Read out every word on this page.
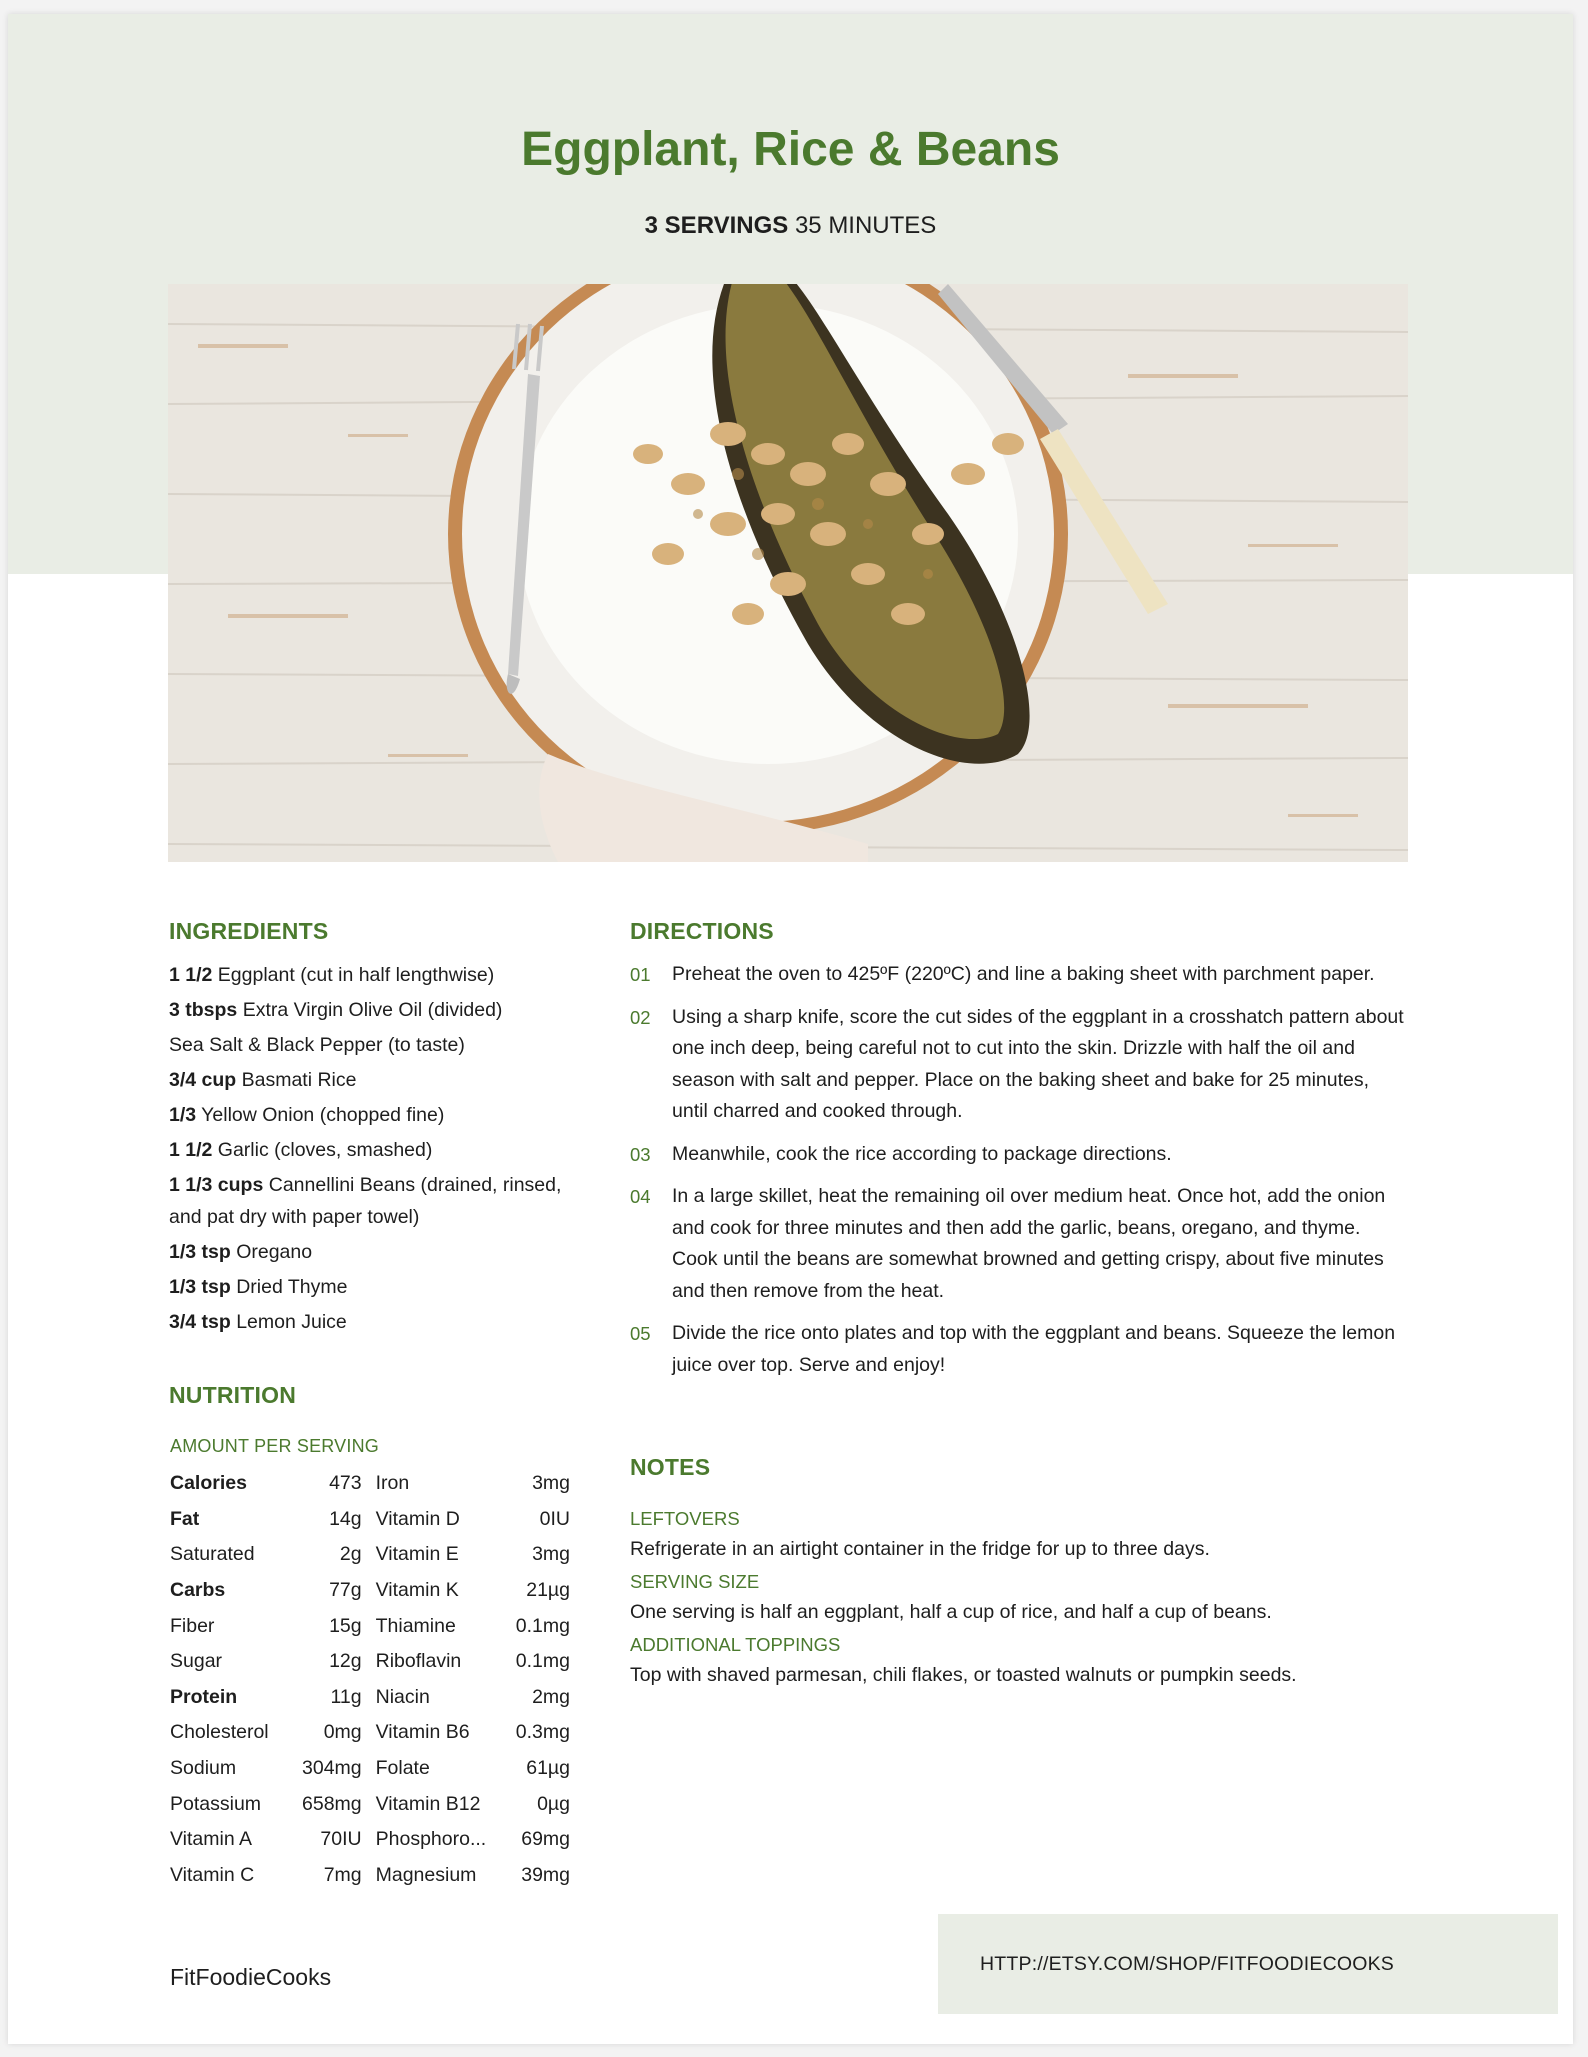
Eggplant, Rice & Beans
3 SERVINGS 35 MINUTES
INGREDIENTS
1 1/2 Eggplant (cut in half lengthwise)
3 tbsps Extra Virgin Olive Oil (divided)
Sea Salt & Black Pepper (to taste)
3/4 cup Basmati Rice
1/3 Yellow Onion (chopped fine)
1 1/2 Garlic (cloves, smashed)
1 1/3 cups Cannellini Beans (drained, rinsed, and pat dry with paper towel)
1/3 tsp Oregano
1/3 tsp Dried Thyme
3/4 tsp Lemon Juice
NUTRITION
AMOUNT PER SERVING
Calories	473	Iron	3mg
Fat	14g	Vitamin D	0IU
Saturated	2g	Vitamin E	3mg
Carbs	77g	Vitamin K	21µg
Fiber	15g	Thiamine	0.1mg
Sugar	12g	Riboflavin	0.1mg
Protein	11g	Niacin	2mg
Cholesterol	0mg	Vitamin B6	0.3mg
Sodium	304mg	Folate	61µg
Potassium	658mg	Vitamin B12	0µg
Vitamin A	70IU	Phosphoro...	69mg
Vitamin C	7mg	Magnesium	39mg
DIRECTIONS
01 Preheat the oven to 425ºF (220ºC) and line a baking sheet with parchment paper.
02 Using a sharp knife, score the cut sides of the eggplant in a crosshatch pattern about one inch deep, being careful not to cut into the skin. Drizzle with half the oil and season with salt and pepper. Place on the baking sheet and bake for 25 minutes, until charred and cooked through.
03 Meanwhile, cook the rice according to package directions.
04 In a large skillet, heat the remaining oil over medium heat. Once hot, add the onion and cook for three minutes and then add the garlic, beans, oregano, and thyme. Cook until the beans are somewhat browned and getting crispy, about five minutes and then remove from the heat.
05 Divide the rice onto plates and top with the eggplant and beans. Squeeze the lemon juice over top. Serve and enjoy!
NOTES
LEFTOVERS
Refrigerate in an airtight container in the fridge for up to three days.
SERVING SIZE
One serving is half an eggplant, half a cup of rice, and half a cup of beans.
ADDITIONAL TOPPINGS
Top with shaved parmesan, chili flakes, or toasted walnuts or pumpkin seeds.
FitFoodieCooks
HTTP://ETSY.COM/SHOP/FITFOODIECOOKS
